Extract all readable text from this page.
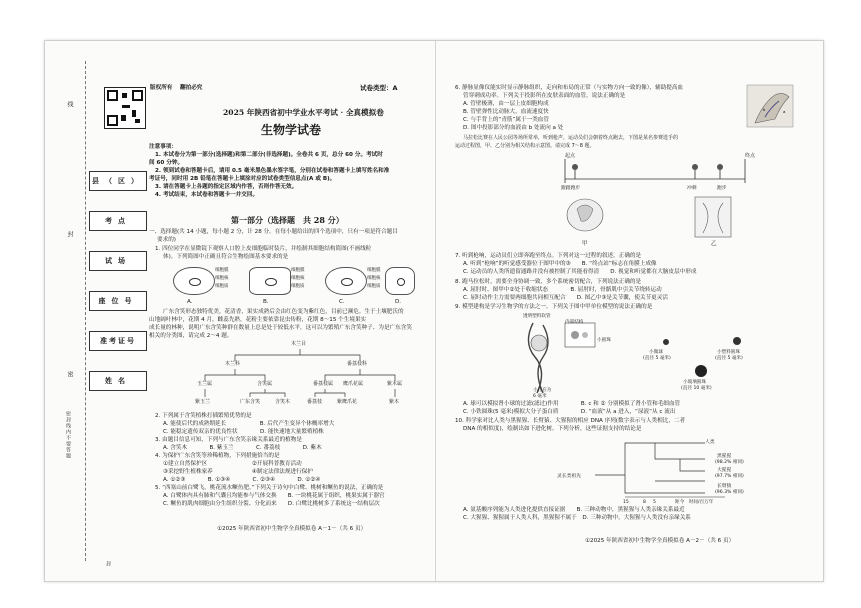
线
封
密
密封线内不要答题
封
县（区）
考点
试场
座位号
准考证号
姓名
版权所有 翻拍必究	试卷类型：A
2025 年陕西省初中学业水平考试 · 全真模拟卷
生物学试卷
注意事项：
1. 本试卷分为第一部分(选择题)和第二部分(非选择题)。全卷共 6 页，总分 60 分。考试时
间 60 分钟。
2. 领到试卷和答题卡后，请用 0.5 毫米黑色墨水签字笔，分别在试卷和答题卡上填写姓名和准
考证号，同时用 2B 铅笔在答题卡上填涂对应的试卷类型信息点(A 或 B)。
3. 请在答题卡上各题的指定区域内作答，否则作答无效。
4. 考试结束，本试卷和答题卡一并交回。
第一部分（选择题　共 28 分）
一、选择题(共 14 小题，每小题 2 分，计 28 分。在每小题给出的四个选项中，只有一项是符合题目
要求的)
1. 四位同学在显微镜下观察人口腔上皮细胞临时装片，并绘制其细胞结构简图(不画线粒
体)。下列简图中正确且符合生物绘图基本要求的是
细胞膜
细胞核
细胞质
A.
细胞膜
细胞核
细胞质
B.
细胞膜
细胞核
细胞质
C.	D.
广东含笑形态独特优美，花清香，果实成熟后会由红色变为紫红色，目前已濒危。生于土壤肥沃的
山地阔叶林中，花期 4 月，雌蕊先熟，花粉主要依靠昆虫传粉，花期 8～15 个生境果实
成长量的林种，说明广东含笑种群在数量上总是处于较低水平，这可以为繁殖广东含笑种子、为是广东含笑
相关的分类图，请完成 2～4 题。
木兰目
木兰科	番荔枝科
玉兰属	含笑属	番荔枝属 鹰爪花属	紫木属
紫玉兰	广东含笑	含笑木	番荔枝	紫鹰爪花	紫木
2. 下列属于含笑植株打插繁殖优势的是
A. 能使后代的成熟期延长　　　　　　B. 后代产生变异个体概率增大
C. 能稳定遗传双亲的优良性状　　　　D. 能快速地大量繁殖植株
3. 由题目信息可知，下列与广东含笑亲缘关系最近的植物是
A. 含笑木　　　　B. 紫玉兰　　　　C. 番荔枝　　　　D. 紫木
4. 为保护广东含笑等珍稀植物，下列措施恰当的是
①建立自然保护区　　　　　　　　②开展科普教育活动
③采挖野生植株家养　　　　　　　④制定法律法规进行保护
A. ①②③　　　　B. ①③④　　　　C. ②③④　　　　D. ①②④
5. “西塞山前白鹭飞，桃花流水鳜鱼肥。”下列关于诗句中白鹭、桃树和鳜鱼的说法，正确的是
A. 白鹭体内具有肺和气囊且均能参与气体交换　　B. 一块桃花属于组织，桃果实属于器官
C. 鳜鱼的肌肉细胞由分生组织分裂、分化而来　　D. 白鹭比桃树多了系统这一结构层次
①2025 年陕西省初中生物学全真模拟卷 A－1－（共 6 页）
6. 静脉显像仪能实时显示静脉组织，走向和布局的正常（与实物方向一致的像），辅助提高血
管穿刺成功率。下列关于投影所在皮肤表面的血管，说法正确的是
A. 管壁极薄，由一层上皮细胞构成
B. 管壁弹性比动脉大，血流速度快
C. 与手背上的“青筋”属于一类血管
D. 图中投影部分的血液由 b 处流向 a 处
a
b
马拉松比赛在人民公园等场所常举，听到枪声，运动员们会朝着终点跑去，下图是某名参赛选手的
运动过程图，甲、乙分别为相关结构示意图。请完成 7～8 题。
起点	终点
蹬踏跑步	冲刺	跑步
甲	乙
7. 听到枪响，运动员们立即奔跑至终点。下列对这一过程的叙述，正确的是
A. 听到“枪响”的听觉感受器位于图甲中的③　　B. “终点站”标志在角膜上成像
C. 运动员的人类所遗留通路并没有被控制了其能看得清　　D. 视觉和听觉都在大脑皮层中形成
8. 跑马拉松时，需要全身协调一致，多个系统密切配合，下列说法正确的是
A. 屈肘时，图甲中②处于收缩状态　　　　B. 屈肘时，骨骼肌中引关节绕转运动
C. 屈时动作主力需要两细胞共同相互配合　　D. 图乙中③是关节囊，使关节更灵活
9. 模型建构是学习生物学的方法之一。下列关于图中甲单位模型的说法正确的是
透明塑料软管
内部结构
小圆珠
小孔在为
6 毫米
小微球
(直径 5 毫米)
小塑料圆珠
(直径 5 毫米)
小玻璃圆珠
(直径 10 毫米)
A. 球可以模拟肾小球的过滤(滤过)作用　　　　B. c 和 ② 分别模拟了肾小管和毛细血管
C. 小铁圆珠(5 毫米)模拟大分子蛋白质　　　　D. “血液”从 a 进入，“尿液”从 c 流出
10. 科学家对比人类与黑猩猩、长臂猿、大猩猩的相应 DNA 序列(数字表示与人类相比，二者
DNA 的相似度)，绘制出如下进化树。下列分析，这些证据支持的结论是
人类
黑猩猩
(98.2% 相同)
大猩猩
(97.7% 相同)
长臂猿
(96.3% 相同)
灵长类祖先
15	8 5	距今　时间/百万年
A. 氨基酸序列能为人类进化提供直接证据　　B. 三种动物中，黑猩猩与人类亲缘关系最近
C. 大猩猩、猩猩属于人类人科，黑猩猩不属于　D. 三种动物中，大猩猩与人类没有亲缘关系
①2025 年陕西省初中生物学全真模拟卷 A－2－（共 6 页）
